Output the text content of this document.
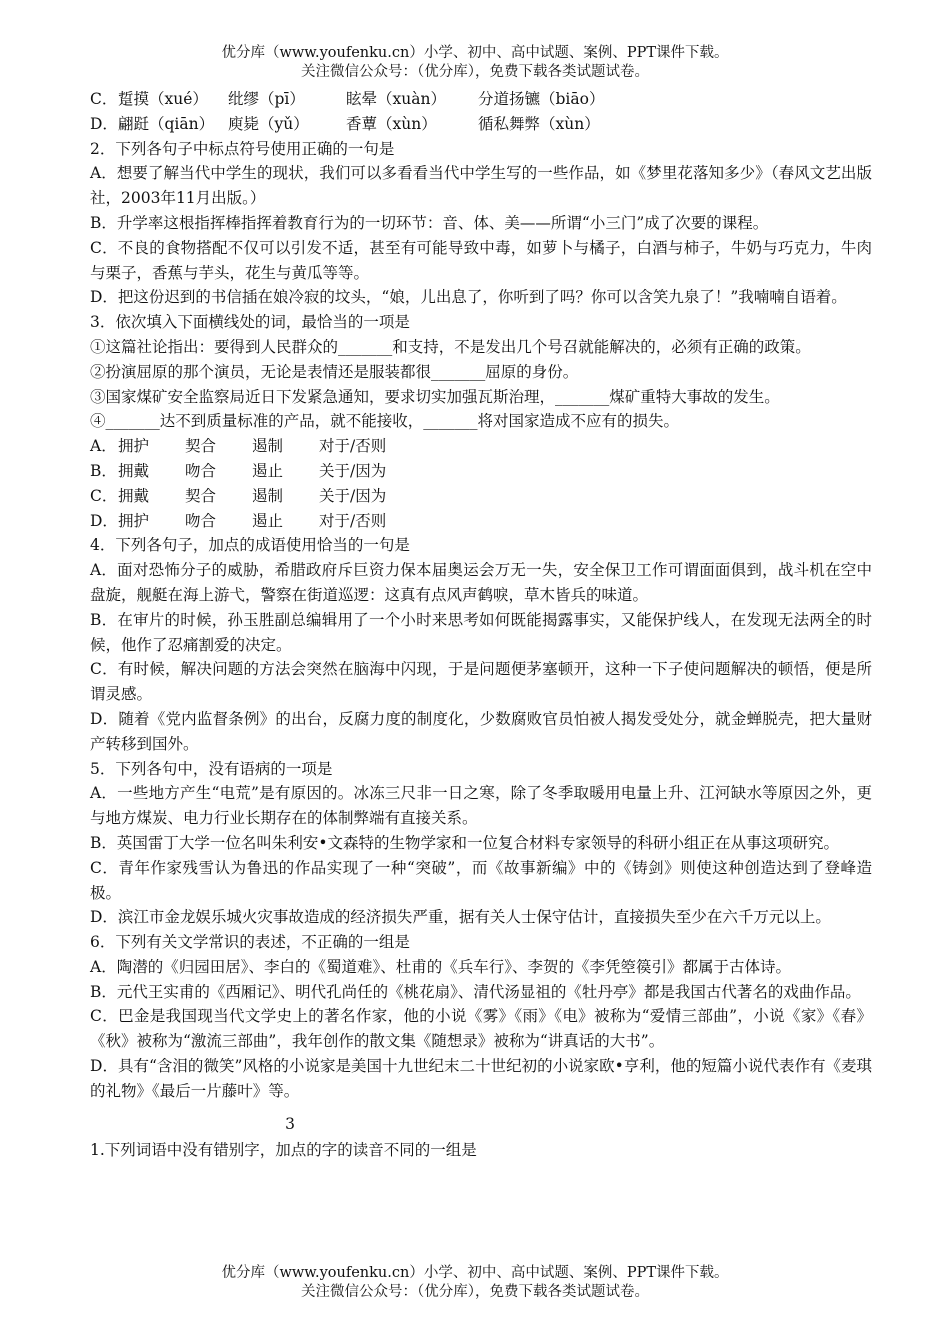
优分库（www.youfenku.cn）小学、初中、高中试题、案例、PPT课件下载。
关注微信公众号：（优分库），免费下载各类试题试卷。
C．踅摸（xué） 纰缪（pī）	眩晕（xuàn） 分道扬镳（biāo）
D．翩跹（qiān） 庾毙（yǔ） 香蕈（xùn）	循私舞弊（xùn）
2．下列各句子中标点符号使用正确的一句是
A．想要了解当代中学生的现状，我们可以多看看当代中学生写的一些作品，如《梦里花落知多少》（春风文艺出版社，2003年11月出版。）
B．升学率这根指挥棒指挥着教育行为的一切环节：音、体、美——所谓“小三门”成了次要的课程。
C．不良的食物搭配不仅可以引发不适，甚至有可能导致中毒，如萝卜与橘子，白酒与柿子，牛奶与巧克力，牛肉与栗子，香蕉与芋头，花生与黄瓜等等。
D．把这份迟到的书信插在娘冷寂的坟头，“娘，儿出息了，你听到了吗？你可以含笑九泉了！”我喃喃自语着。
3．依次填入下面横线处的词，最恰当的一项是
①这篇社论指出：要得到人民群众的_______和支持，不是发出几个号召就能解决的，必须有正确的政策。
②扮演屈原的那个演员，无论是表情还是服装都很_______屈原的身份。
③国家煤矿安全监察局近日下发紧急通知，要求切实加强瓦斯治理，_______煤矿重特大事故的发生。
④_______达不到质量标准的产品，就不能接收，_______将对国家造成不应有的损失。
A．拥护 契合 遏制 对于/否则
B．拥戴 吻合 遏止 关于/因为
C．拥戴 契合 遏制 关于/因为
D．拥护 吻合 遏止 对于/否则
4．下列各句子，加点的成语使用恰当的一句是
A．面对恐怖分子的威胁，希腊政府斥巨资力保本届奥运会万无一失，安全保卫工作可谓面面俱到，战斗机在空中盘旋，舰艇在海上游弋，警察在街道巡逻：这真有点风声鹤唳，草木皆兵的味道。
B．在审片的时候，孙玉胜副总编辑用了一个小时来思考如何既能揭露事实，又能保护线人，在发现无法两全的时候，他作了忍痛割爱的决定。
C．有时候，解决问题的方法会突然在脑海中闪现，于是问题便茅塞顿开，这种一下子使问题解决的顿悟，便是所谓灵感。
D．随着《党内监督条例》的出台，反腐力度的制度化，少数腐败官员怕被人揭发受处分，就金蝉脱壳，把大量财产转移到国外。
5．下列各句中，没有语病的一项是
A．一些地方产生“电荒”是有原因的。冰冻三尺非一日之寒，除了冬季取暖用电量上升、江河缺水等原因之外，更与地方煤炭、电力行业长期存在的体制弊端有直接关系。
B．英国雷丁大学一位名叫朱利安•文森特的生物学家和一位复合材料专家领导的科研小组正在从事这项研究。
C．青年作家残雪认为鲁迅的作品实现了一种“突破”，而《故事新编》中的《铸剑》则使这种创造达到了登峰造极。
D．滨江市金龙娱乐城火灾事故造成的经济损失严重，据有关人士保守估计，直接损失至少在六千万元以上。
6．下列有关文学常识的表述，不正确的一组是
A．陶潜的《归园田居》、李白的《蜀道难》、杜甫的《兵车行》、李贺的《李凭箜篌引》都属于古体诗。
B．元代王实甫的《西厢记》、明代孔尚任的《桃花扇》、清代汤显祖的《牡丹亭》都是我国古代著名的戏曲作品。
C．巴金是我国现当代文学史上的著名作家，他的小说《雾》《雨》《电》被称为“爱情三部曲”，小说《家》《春》《秋》被称为“激流三部曲”，我年创作的散文集《随想录》被称为“讲真话的大书”。
D．具有“含泪的微笑”风格的小说家是美国十九世纪末二十世纪初的小说家欧•亨利，他的短篇小说代表作有《麦琪的礼物》《最后一片藤叶》等。
3
1.下列词语中没有错别字，加点的字的读音不同的一组是
优分库（www.youfenku.cn）小学、初中、高中试题、案例、PPT课件下载。
关注微信公众号：（优分库），免费下载各类试题试卷。
